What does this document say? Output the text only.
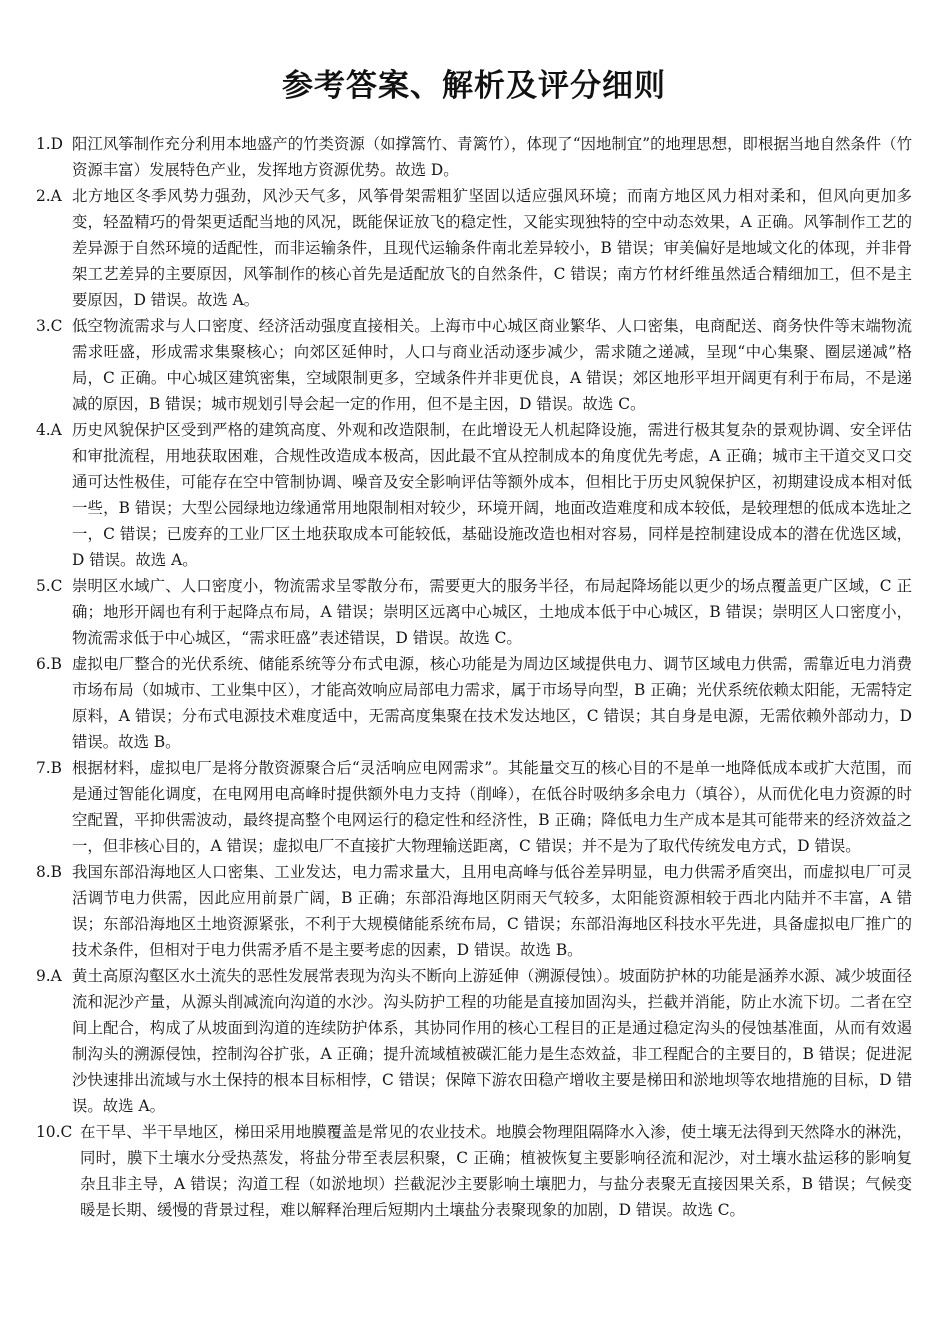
参考答案、解析及评分细则
1.D 阳江风筝制作充分利用本地盛产的竹类资源（如撑篙竹、青篱竹），体现了“因地制宜”的地理思想，即根据当地自然条件（竹资源丰富）发展特色产业，发挥地方资源优势。故选 D。
2.A 北方地区冬季风势力强劲，风沙天气多，风筝骨架需粗犷坚固以适应强风环境；而南方地区风力相对柔和，但风向更加多变，轻盈精巧的骨架更适配当地的风况，既能保证放飞的稳定性，又能实现独特的空中动态效果，A 正确。风筝制作工艺的差异源于自然环境的适配性，而非运输条件，且现代运输条件南北差异较小，B 错误；审美偏好是地域文化的体现，并非骨架工艺差异的主要原因，风筝制作的核心首先是适配放飞的自然条件，C 错误；南方竹材纤维虽然适合精细加工，但不是主要原因，D 错误。故选 A。
3.C 低空物流需求与人口密度、经济活动强度直接相关。上海市中心城区商业繁华、人口密集，电商配送、商务快件等末端物流需求旺盛，形成需求集聚核心；向郊区延伸时，人口与商业活动逐步减少，需求随之递减，呈现“中心集聚、圈层递减”格局，C 正确。中心城区建筑密集，空域限制更多，空域条件并非更优良，A 错误；郊区地形平坦开阔更有利于布局，不是递减的原因，B 错误；城市规划引导会起一定的作用，但不是主因，D 错误。故选 C。
4.A 历史风貌保护区受到严格的建筑高度、外观和改造限制，在此增设无人机起降设施，需进行极其复杂的景观协调、安全评估和审批流程，用地获取困难，合规性改造成本极高，因此最不宜从控制成本的角度优先考虑，A 正确；城市主干道交叉口交通可达性极佳，可能存在空中管制协调、噪音及安全影响评估等额外成本，但相比于历史风貌保护区，初期建设成本相对低一些，B 错误；大型公园绿地边缘通常用地限制相对较少，环境开阔，地面改造难度和成本较低，是较理想的低成本选址之一，C 错误；已废弃的工业厂区土地获取成本可能较低，基础设施改造也相对容易，同样是控制建设成本的潜在优选区域，D 错误。故选 A。
5.C 崇明区水域广、人口密度小，物流需求呈零散分布，需要更大的服务半径，布局起降场能以更少的场点覆盖更广区域，C 正确；地形开阔也有利于起降点布局，A 错误；崇明区远离中心城区，土地成本低于中心城区，B 错误；崇明区人口密度小，物流需求低于中心城区，“需求旺盛”表述错误，D 错误。故选 C。
6.B 虚拟电厂整合的光伏系统、储能系统等分布式电源，核心功能是为周边区域提供电力、调节区域电力供需，需靠近电力消费市场布局（如城市、工业集中区），才能高效响应局部电力需求，属于市场导向型，B 正确；光伏系统依赖太阳能，无需特定原料，A 错误；分布式电源技术难度适中，无需高度集聚在技术发达地区，C 错误；其自身是电源，无需依赖外部动力，D 错误。故选 B。
7.B 根据材料，虚拟电厂是将分散资源聚合后“灵活响应电网需求”。其能量交互的核心目的不是单一地降低成本或扩大范围，而是通过智能化调度，在电网用电高峰时提供额外电力支持（削峰），在低谷时吸纳多余电力（填谷），从而优化电力资源的时空配置，平抑供需波动，最终提高整个电网运行的稳定性和经济性，B 正确；降低电力生产成本是其可能带来的经济效益之一，但非核心目的，A 错误；虚拟电厂不直接扩大物理输送距离，C 错误；并不是为了取代传统发电方式，D 错误。
8.B 我国东部沿海地区人口密集、工业发达，电力需求量大，且用电高峰与低谷差异明显，电力供需矛盾突出，而虚拟电厂可灵活调节电力供需，因此应用前景广阔，B 正确；东部沿海地区阴雨天气较多，太阳能资源相较于西北内陆并不丰富，A 错误；东部沿海地区土地资源紧张，不利于大规模储能系统布局，C 错误；东部沿海地区科技水平先进，具备虚拟电厂推广的技术条件，但相对于电力供需矛盾不是主要考虑的因素，D 错误。故选 B。
9.A 黄土高原沟壑区水土流失的恶性发展常表现为沟头不断向上游延伸（溯源侵蚀）。坡面防护林的功能是涵养水源、减少坡面径流和泥沙产量，从源头削减流向沟道的水沙。沟头防护工程的功能是直接加固沟头，拦截并消能，防止水流下切。二者在空间上配合，构成了从坡面到沟道的连续防护体系，其协同作用的核心工程目的正是通过稳定沟头的侵蚀基准面，从而有效遏制沟头的溯源侵蚀，控制沟谷扩张，A 正确；提升流域植被碳汇能力是生态效益，非工程配合的主要目的，B 错误；促进泥沙快速排出流域与水土保持的根本目标相悖，C 错误；保障下游农田稳产增收主要是梯田和淤地坝等农地措施的目标，D 错误。故选 A。
10.C 在干旱、半干旱地区，梯田采用地膜覆盖是常见的农业技术。地膜会物理阻隔降水入渗，使土壤无法得到天然降水的淋洗，同时，膜下土壤水分受热蒸发，将盐分带至表层积聚，C 正确；植被恢复主要影响径流和泥沙，对土壤水盐运移的影响复杂且非主导，A 错误；沟道工程（如淤地坝）拦截泥沙主要影响土壤肥力，与盐分表聚无直接因果关系，B 错误；气候变暖是长期、缓慢的背景过程，难以解释治理后短期内土壤盐分表聚现象的加剧，D 错误。故选 C。
